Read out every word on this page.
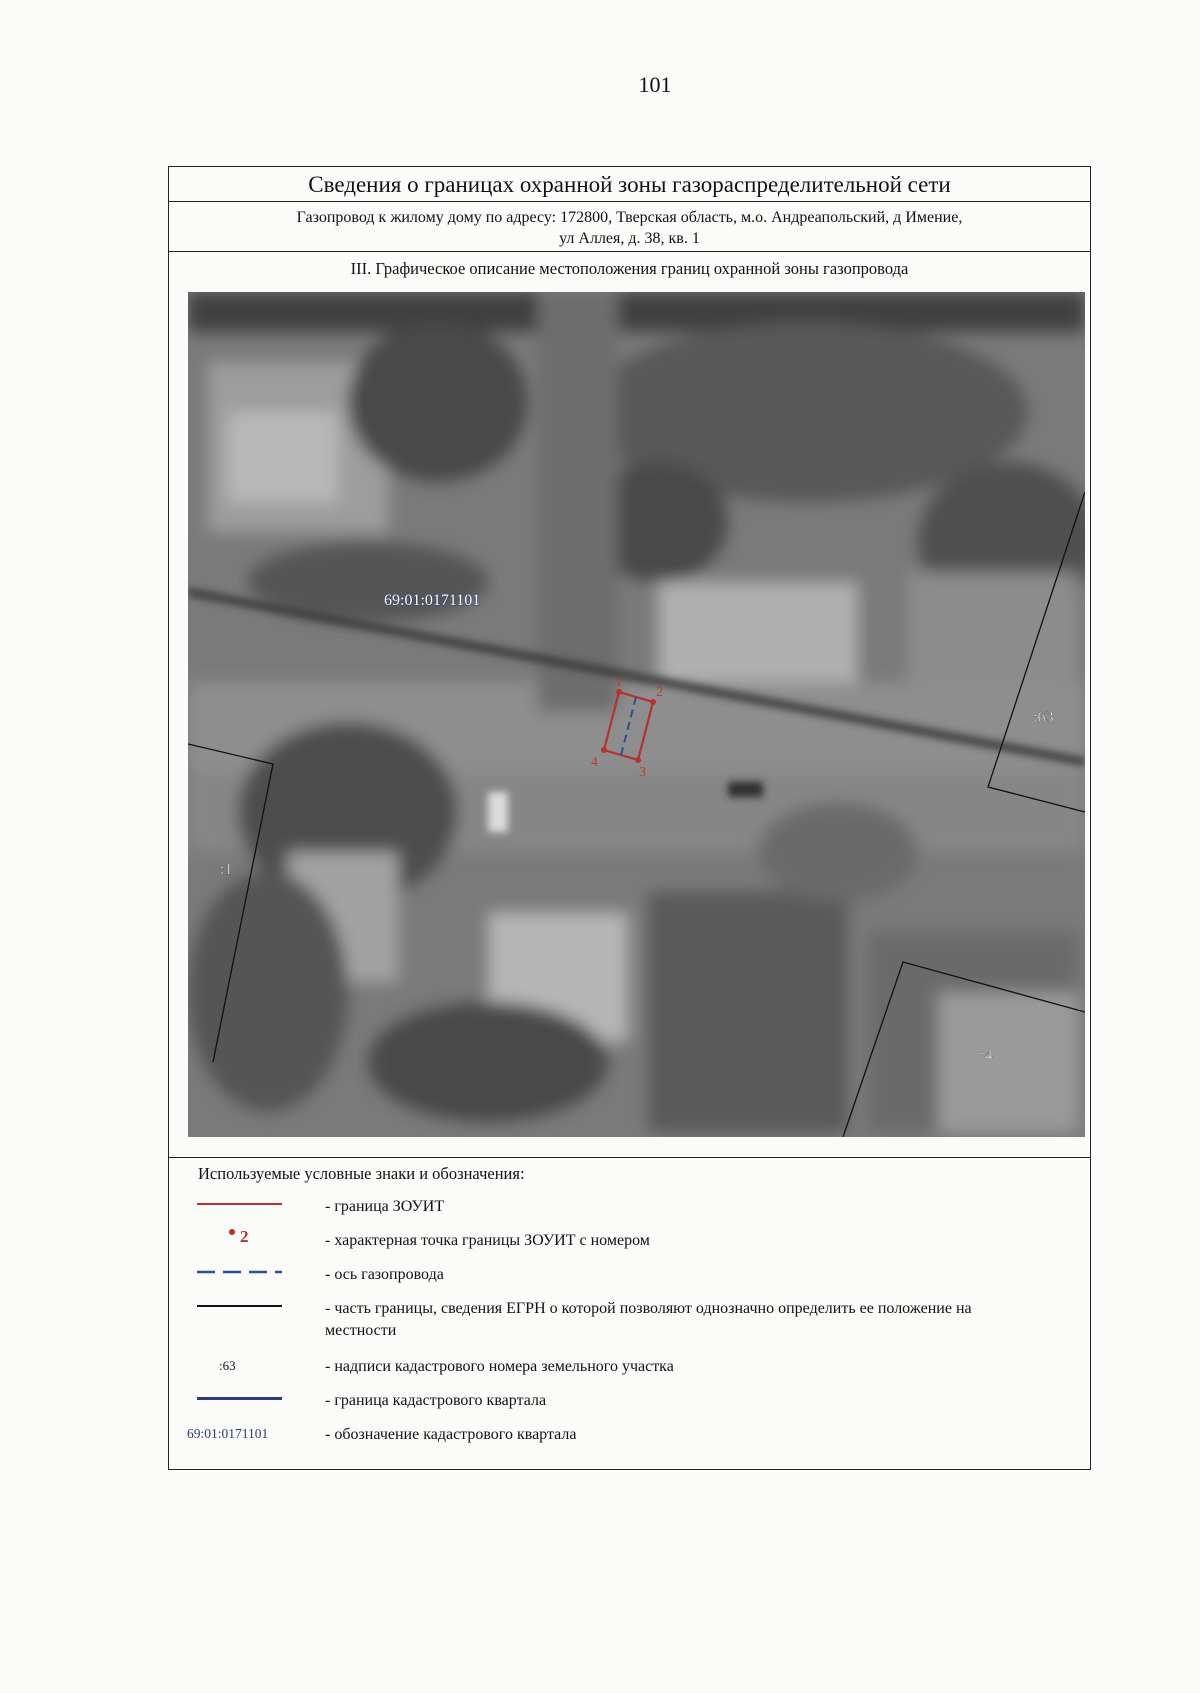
101
Сведения о границах охранной зоны газораспределительной сети
Газопровод к жилому дому по адресу: 172800, Тверская область, м.о. Андреапольский, д Имение,
ул Аллея, д. 38, кв. 1
III. Графическое описание местоположения границ охранной зоны газопровода
:1
:63
:4
69:01:0171101
1
2
3
4
Используемые условные знаки и обозначения:
- граница ЗОУИТ
2	- характерная точка границы ЗОУИТ с номером
- ось газопровода
- часть границы, сведения ЕГРН о которой позволяют однозначно определить ее положение на местности
:63	- надписи кадастрового номера земельного участка
- граница кадастрового квартала
69:01:0171101	- обозначение кадастрового квартала
